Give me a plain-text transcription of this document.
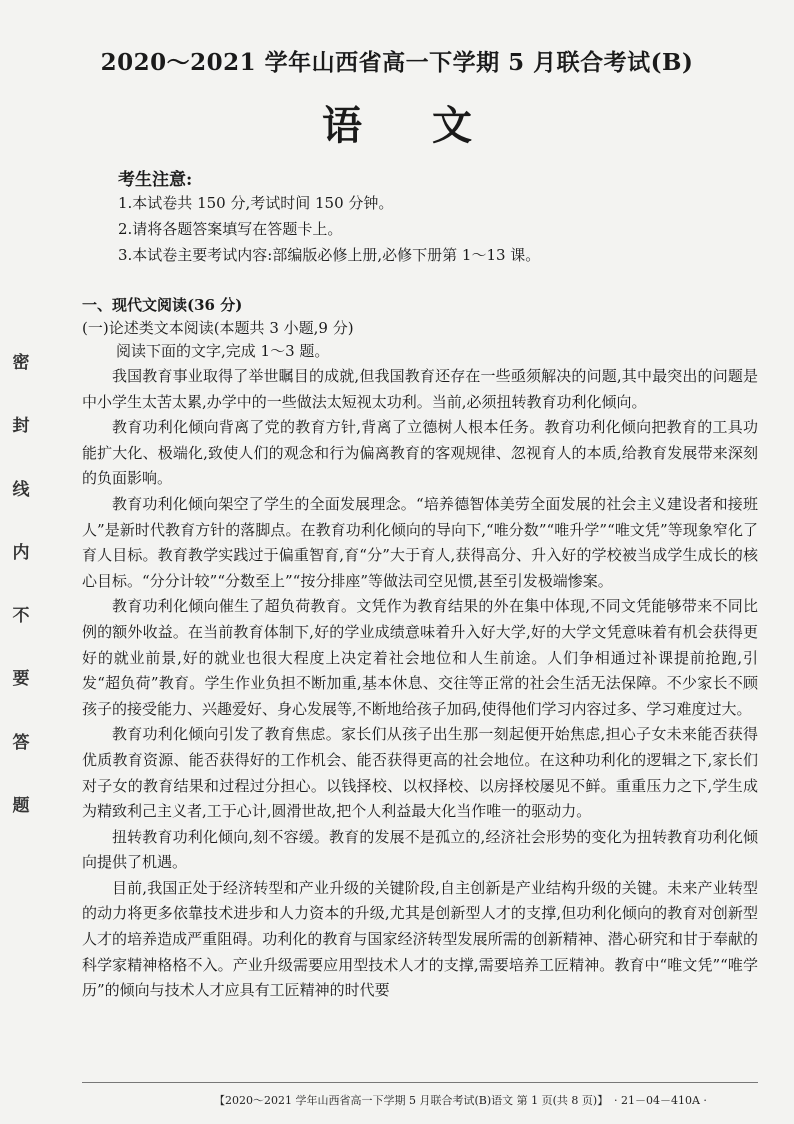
密
封
线
内
不
要
答
题
2020～2021 学年山西省高一下学期 5 月联合考试(B)
语文
考生注意:
1.本试卷共 150 分,考试时间 150 分钟。
2.请将各题答案填写在答题卡上。
3.本试卷主要考试内容:部编版必修上册,必修下册第 1～13 课。
一、现代文阅读(36 分)
(一)论述类文本阅读(本题共 3 小题,9 分)
阅读下面的文字,完成 1～3 题。

我国教育事业取得了举世瞩目的成就,但我国教育还存在一些亟须解决的问题,其中最突出的问题是中小学生太苦太累,办学中的一些做法太短视太功利。当前,必须扭转教育功利化倾向。

教育功利化倾向背离了党的教育方针,背离了立德树人根本任务。教育功利化倾向把教育的工具功能扩大化、极端化,致使人们的观念和行为偏离教育的客观规律、忽视育人的本质,给教育发展带来深刻的负面影响。

教育功利化倾向架空了学生的全面发展理念。“培养德智体美劳全面发展的社会主义建设者和接班人”是新时代教育方针的落脚点。在教育功利化倾向的导向下,“唯分数”“唯升学”“唯文凭”等现象窄化了育人目标。教育教学实践过于偏重智育,育“分”大于育人,获得高分、升入好的学校被当成学生成长的核心目标。“分分计较”“分数至上”“按分排座”等做法司空见惯,甚至引发极端惨案。

教育功利化倾向催生了超负荷教育。文凭作为教育结果的外在集中体现,不同文凭能够带来不同比例的额外收益。在当前教育体制下,好的学业成绩意味着升入好大学,好的大学文凭意味着有机会获得更好的就业前景,好的就业也很大程度上决定着社会地位和人生前途。人们争相通过补课提前抢跑,引发“超负荷”教育。学生作业负担不断加重,基本休息、交往等正常的社会生活无法保障。不少家长不顾孩子的接受能力、兴趣爱好、身心发展等,不断地给孩子加码,使得他们学习内容过多、学习难度过大。

教育功利化倾向引发了教育焦虑。家长们从孩子出生那一刻起便开始焦虑,担心子女未来能否获得优质教育资源、能否获得好的工作机会、能否获得更高的社会地位。在这种功利化的逻辑之下,家长们对子女的教育结果和过程过分担心。以钱择校、以权择校、以房择校屡见不鲜。重重压力之下,学生成为精致利己主义者,工于心计,圆滑世故,把个人利益最大化当作唯一的驱动力。

扭转教育功利化倾向,刻不容缓。教育的发展不是孤立的,经济社会形势的变化为扭转教育功利化倾向提供了机遇。

目前,我国正处于经济转型和产业升级的关键阶段,自主创新是产业结构升级的关键。未来产业转型的动力将更多依靠技术进步和人力资本的升级,尤其是创新型人才的支撑,但功利化倾向的教育对创新型人才的培养造成严重阻碍。功利化的教育与国家经济转型发展所需的创新精神、潜心研究和甘于奉献的科学家精神格格不入。产业升级需要应用型技术人才的支撑,需要培养工匠精神。教育中“唯文凭”“唯学历”的倾向与技术人才应具有工匠精神的时代要

【2020～2021 学年山西省高一下学期 5 月联合考试(B)语文 第 1 页(共 8 页)】 · 21－04－410A ·
